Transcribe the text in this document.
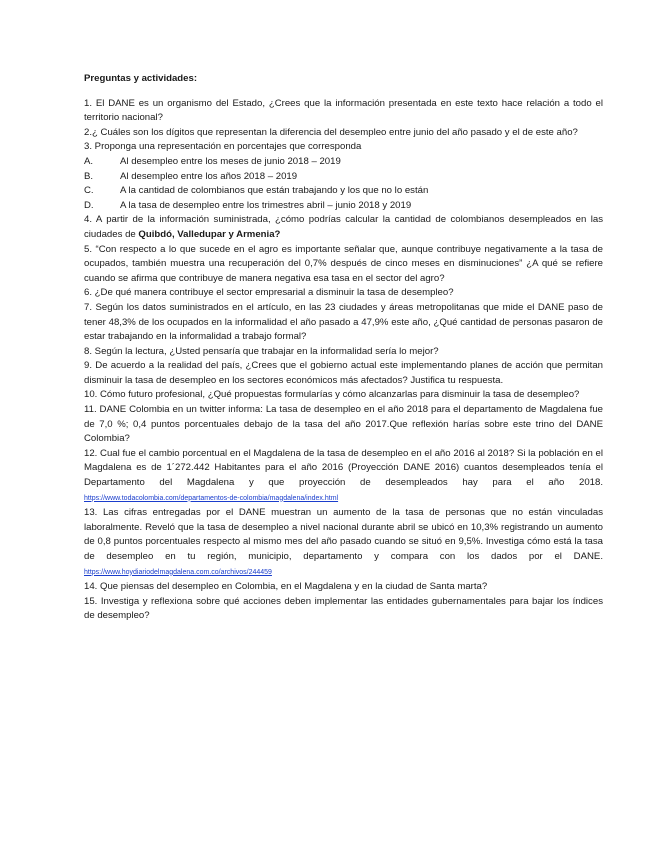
Preguntas y actividades:

1. El DANE es un organismo del Estado, ¿Crees que la información presentada en este texto hace relación a todo el territorio nacional?

2.¿ Cuáles son los dígitos que representan la diferencia del desempleo entre junio del año pasado y el de este año?

3. Proponga una representación en porcentajes que corresponda

A.	Al desempleo entre los meses de junio 2018 – 2019
B.	Al desempleo entre los años 2018 – 2019
C.	A la cantidad de colombianos que están trabajando y los que no lo están
D.	A la tasa de desempleo entre los trimestres abril – junio 2018 y 2019

4. A partir de la información suministrada, ¿cómo podrías calcular la cantidad de colombianos desempleados en las ciudades de Quibdó, Valledupar y Armenia?

5. “Con respecto a lo que sucede en el agro es importante señalar que, aunque contribuye negativamente a la tasa de ocupados, también muestra una recuperación del 0,7% después de cinco meses en disminuciones” ¿A qué se refiere cuando se afirma que contribuye de manera negativa esa tasa en el sector del agro?

6. ¿De qué manera contribuye el sector empresarial a disminuir la tasa de desempleo?

7. Según los datos suministrados en el artículo, en las 23 ciudades y áreas metropolitanas que mide el DANE paso de tener 48,3% de los ocupados en la informalidad el año pasado a 47,9% este año, ¿Qué cantidad de personas pasaron de estar trabajando en la informalidad a trabajo formal?

8. Según la lectura, ¿Usted pensaría que trabajar en la informalidad sería lo mejor?

9. De acuerdo a la realidad del país, ¿Crees que el gobierno actual este implementando planes de acción que permitan disminuir la tasa de desempleo en los sectores económicos más afectados? Justifica tu respuesta.

10. Cómo futuro profesional, ¿Qué propuestas formularías y cómo alcanzarlas para disminuir la tasa de desempleo?

11. DANE Colombia en un twitter informa: La tasa de desempleo en el año 2018 para el departamento de Magdalena fue de 7,0 %; 0,4 puntos porcentuales debajo de la tasa del año 2017.Que reflexión harías sobre este trino del DANE Colombia?

12. Cual fue el cambio porcentual en el Magdalena de la tasa de desempleo en el año 2016 al 2018? Si la población en el Magdalena es de 1´272.442 Habitantes para el año 2016 (Proyección DANE 2016) cuantos desempleados tenía el Departamento del Magdalena y que proyección de desempleados hay para el año 2018. https://www.todacolombia.com/departamentos-de-colombia/magdalena/index.html

13. Las cifras entregadas por el DANE muestran un aumento de la tasa de personas que no están vinculadas laboralmente. Reveló que la tasa de desempleo a nivel nacional durante abril se ubicó en 10,3% registrando un aumento de 0,8 puntos porcentuales respecto al mismo mes del año pasado cuando se situó en 9,5%. Investiga cómo está la tasa de desempleo en tu región, municipio, departamento y compara con los dados por el DANE. https://www.hoydiariodelmagdalena.com.co/archivos/244459

14. Que piensas del desempleo en Colombia, en el Magdalena y en la ciudad de Santa marta?

15. Investiga y reflexiona sobre qué acciones deben implementar las entidades gubernamentales para bajar los índices de desempleo?
